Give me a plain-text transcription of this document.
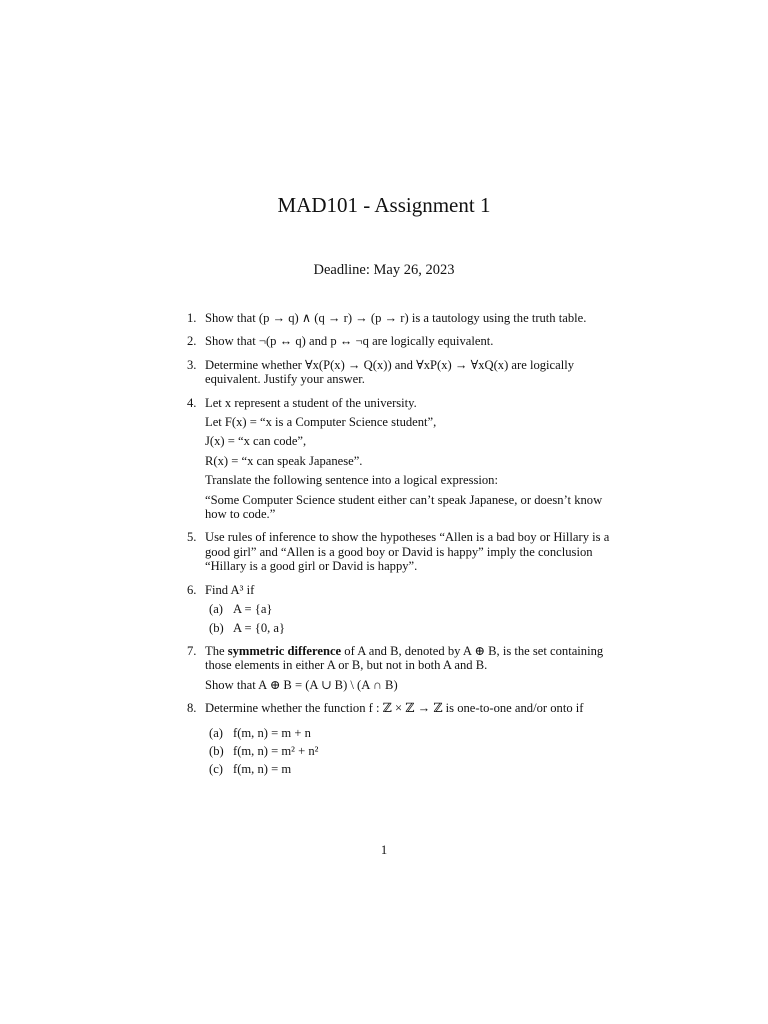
MAD101 - Assignment 1
Deadline: May 26, 2023
1. Show that (p → q) ∧ (q → r) → (p → r) is a tautology using the truth table.
2. Show that ¬(p ↔ q) and p ↔ ¬q are logically equivalent.
3. Determine whether ∀x(P(x) → Q(x)) and ∀xP(x) → ∀xQ(x) are logically equivalent. Justify your answer.
4. Let x represent a student of the university.
Let F(x) = “x is a Computer Science student”,
J(x) = “x can code”,
R(x) = “x can speak Japanese”.
Translate the following sentence into a logical expression:
“Some Computer Science student either can’t speak Japanese, or doesn’t know how to code.”
5. Use rules of inference to show the hypotheses “Allen is a bad boy or Hillary is a good girl” and “Allen is a good boy or David is happy” imply the conclusion “Hillary is a good girl or David is happy”.
6. Find A³ if
(a) A = {a}
(b) A = {0, a}
7. The symmetric difference of A and B, denoted by A ⊕ B, is the set containing those elements in either A or B, but not in both A and B.
Show that A ⊕ B = (A ∪ B) \ (A ∩ B)
8. Determine whether the function f : ℤ × ℤ → ℤ is one-to-one and/or onto if
(a) f(m, n) = m + n
(b) f(m, n) = m² + n²
(c) f(m, n) = m
1
